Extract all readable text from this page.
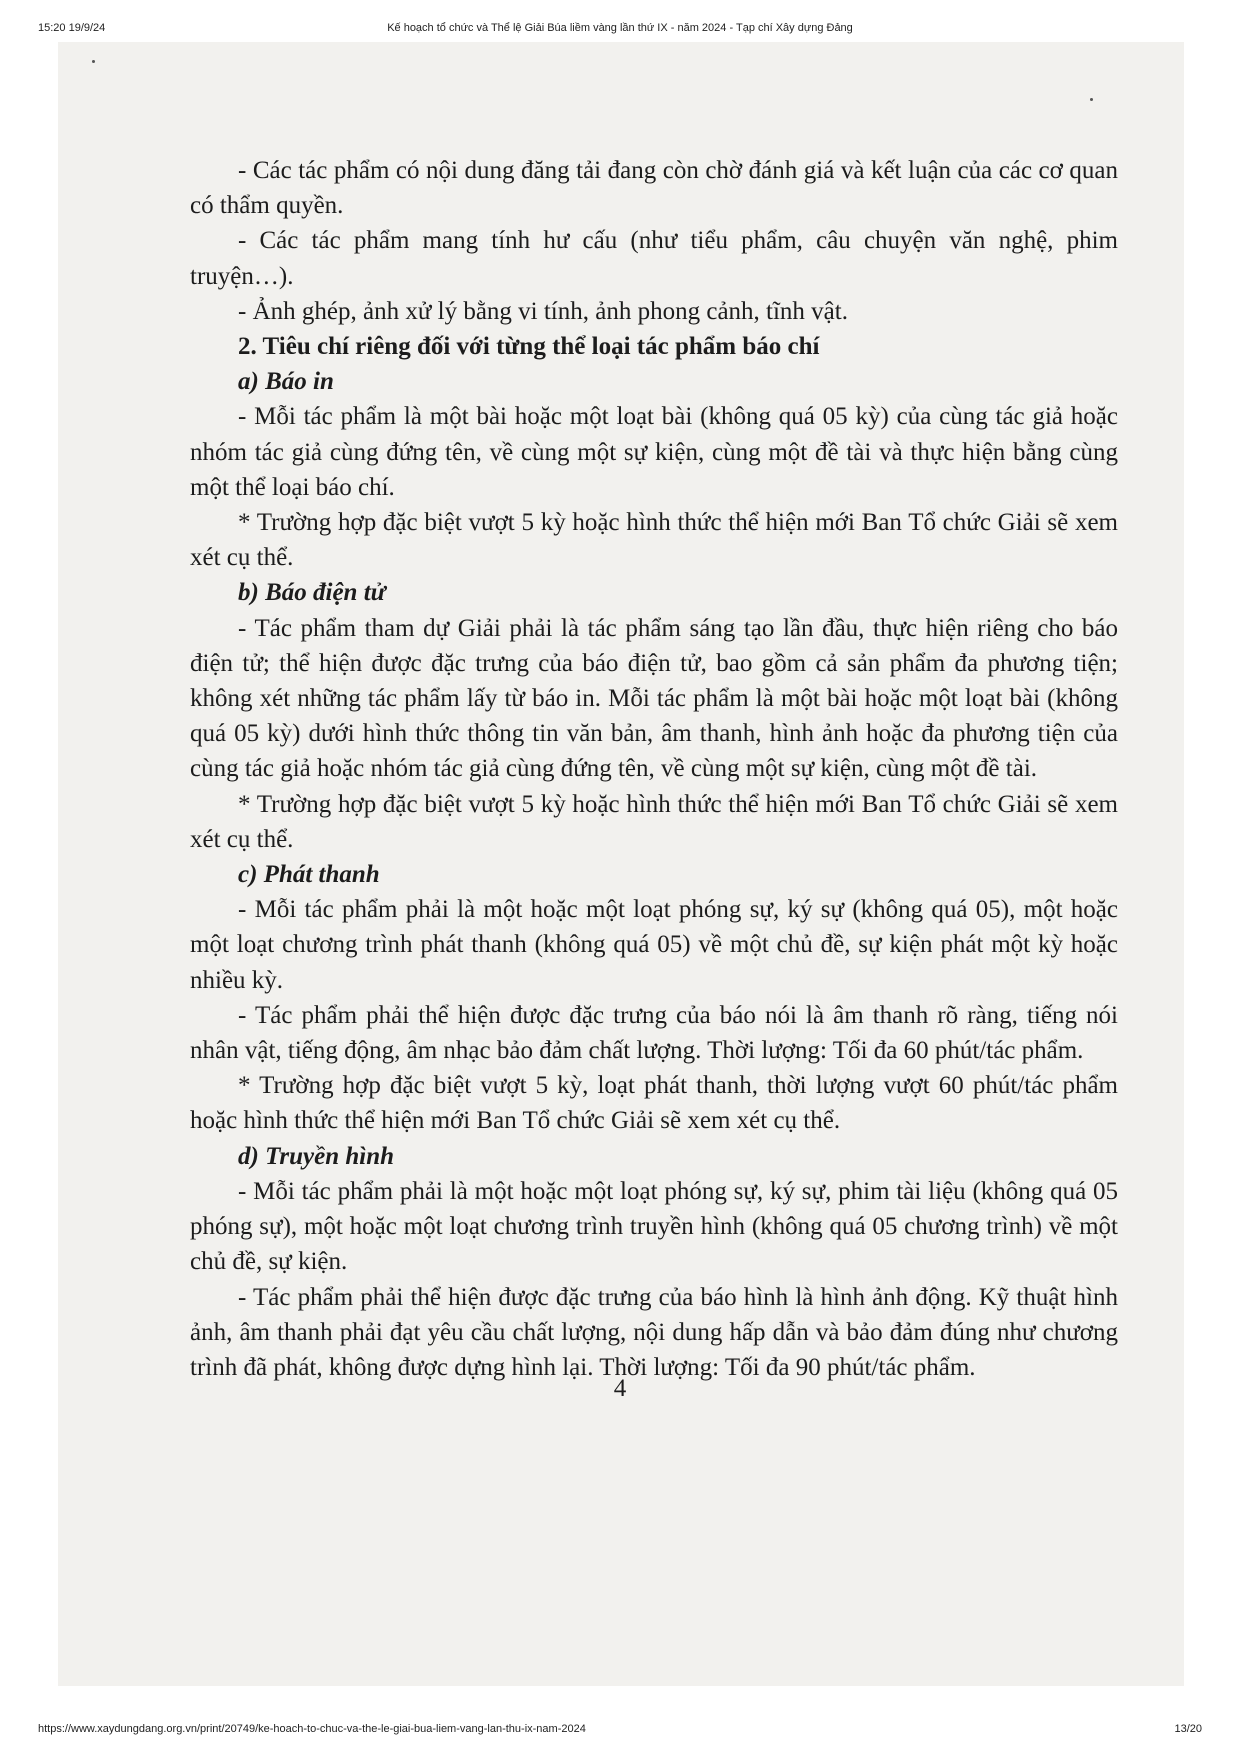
15:20 19/9/24	Kế hoạch tổ chức và Thể lệ Giải Búa liềm vàng lần thứ IX - năm 2024 - Tạp chí Xây dựng Đảng

- Các tác phẩm có nội dung đăng tải đang còn chờ đánh giá và kết luận của các cơ quan có thẩm quyền.

- Các tác phẩm mang tính hư cấu (như tiểu phẩm, câu chuyện văn nghệ, phim truyện…).

- Ảnh ghép, ảnh xử lý bằng vi tính, ảnh phong cảnh, tĩnh vật.

2. Tiêu chí riêng đối với từng thể loại tác phẩm báo chí

a) Báo in

- Mỗi tác phẩm là một bài hoặc một loạt bài (không quá 05 kỳ) của cùng tác giả hoặc nhóm tác giả cùng đứng tên, về cùng một sự kiện, cùng một đề tài và thực hiện bằng cùng một thể loại báo chí.

* Trường hợp đặc biệt vượt 5 kỳ hoặc hình thức thể hiện mới Ban Tổ chức Giải sẽ xem xét cụ thể.

b) Báo điện tử

- Tác phẩm tham dự Giải phải là tác phẩm sáng tạo lần đầu, thực hiện riêng cho báo điện tử; thể hiện được đặc trưng của báo điện tử, bao gồm cả sản phẩm đa phương tiện; không xét những tác phẩm lấy từ báo in. Mỗi tác phẩm là một bài hoặc một loạt bài (không quá 05 kỳ) dưới hình thức thông tin văn bản, âm thanh, hình ảnh hoặc đa phương tiện của cùng tác giả hoặc nhóm tác giả cùng đứng tên, về cùng một sự kiện, cùng một đề tài.

* Trường hợp đặc biệt vượt 5 kỳ hoặc hình thức thể hiện mới Ban Tổ chức Giải sẽ xem xét cụ thể.

c) Phát thanh

- Mỗi tác phẩm phải là một hoặc một loạt phóng sự, ký sự (không quá 05), một hoặc một loạt chương trình phát thanh (không quá 05) về một chủ đề, sự kiện phát một kỳ hoặc nhiều kỳ.

- Tác phẩm phải thể hiện được đặc trưng của báo nói là âm thanh rõ ràng, tiếng nói nhân vật, tiếng động, âm nhạc bảo đảm chất lượng. Thời lượng: Tối đa 60 phút/tác phẩm.

* Trường hợp đặc biệt vượt 5 kỳ, loạt phát thanh, thời lượng vượt 60 phút/tác phẩm hoặc hình thức thể hiện mới Ban Tổ chức Giải sẽ xem xét cụ thể.

d) Truyền hình

- Mỗi tác phẩm phải là một hoặc một loạt phóng sự, ký sự, phim tài liệu (không quá 05 phóng sự), một hoặc một loạt chương trình truyền hình (không quá 05 chương trình) về một chủ đề, sự kiện.

- Tác phẩm phải thể hiện được đặc trưng của báo hình là hình ảnh động. Kỹ thuật hình ảnh, âm thanh phải đạt yêu cầu chất lượng, nội dung hấp dẫn và bảo đảm đúng như chương trình đã phát, không được dựng hình lại. Thời lượng: Tối đa 90 phút/tác phẩm.

4
https://www.xaydungdang.org.vn/print/20749/ke-hoach-to-chuc-va-the-le-giai-bua-liem-vang-lan-thu-ix-nam-2024	13/20
